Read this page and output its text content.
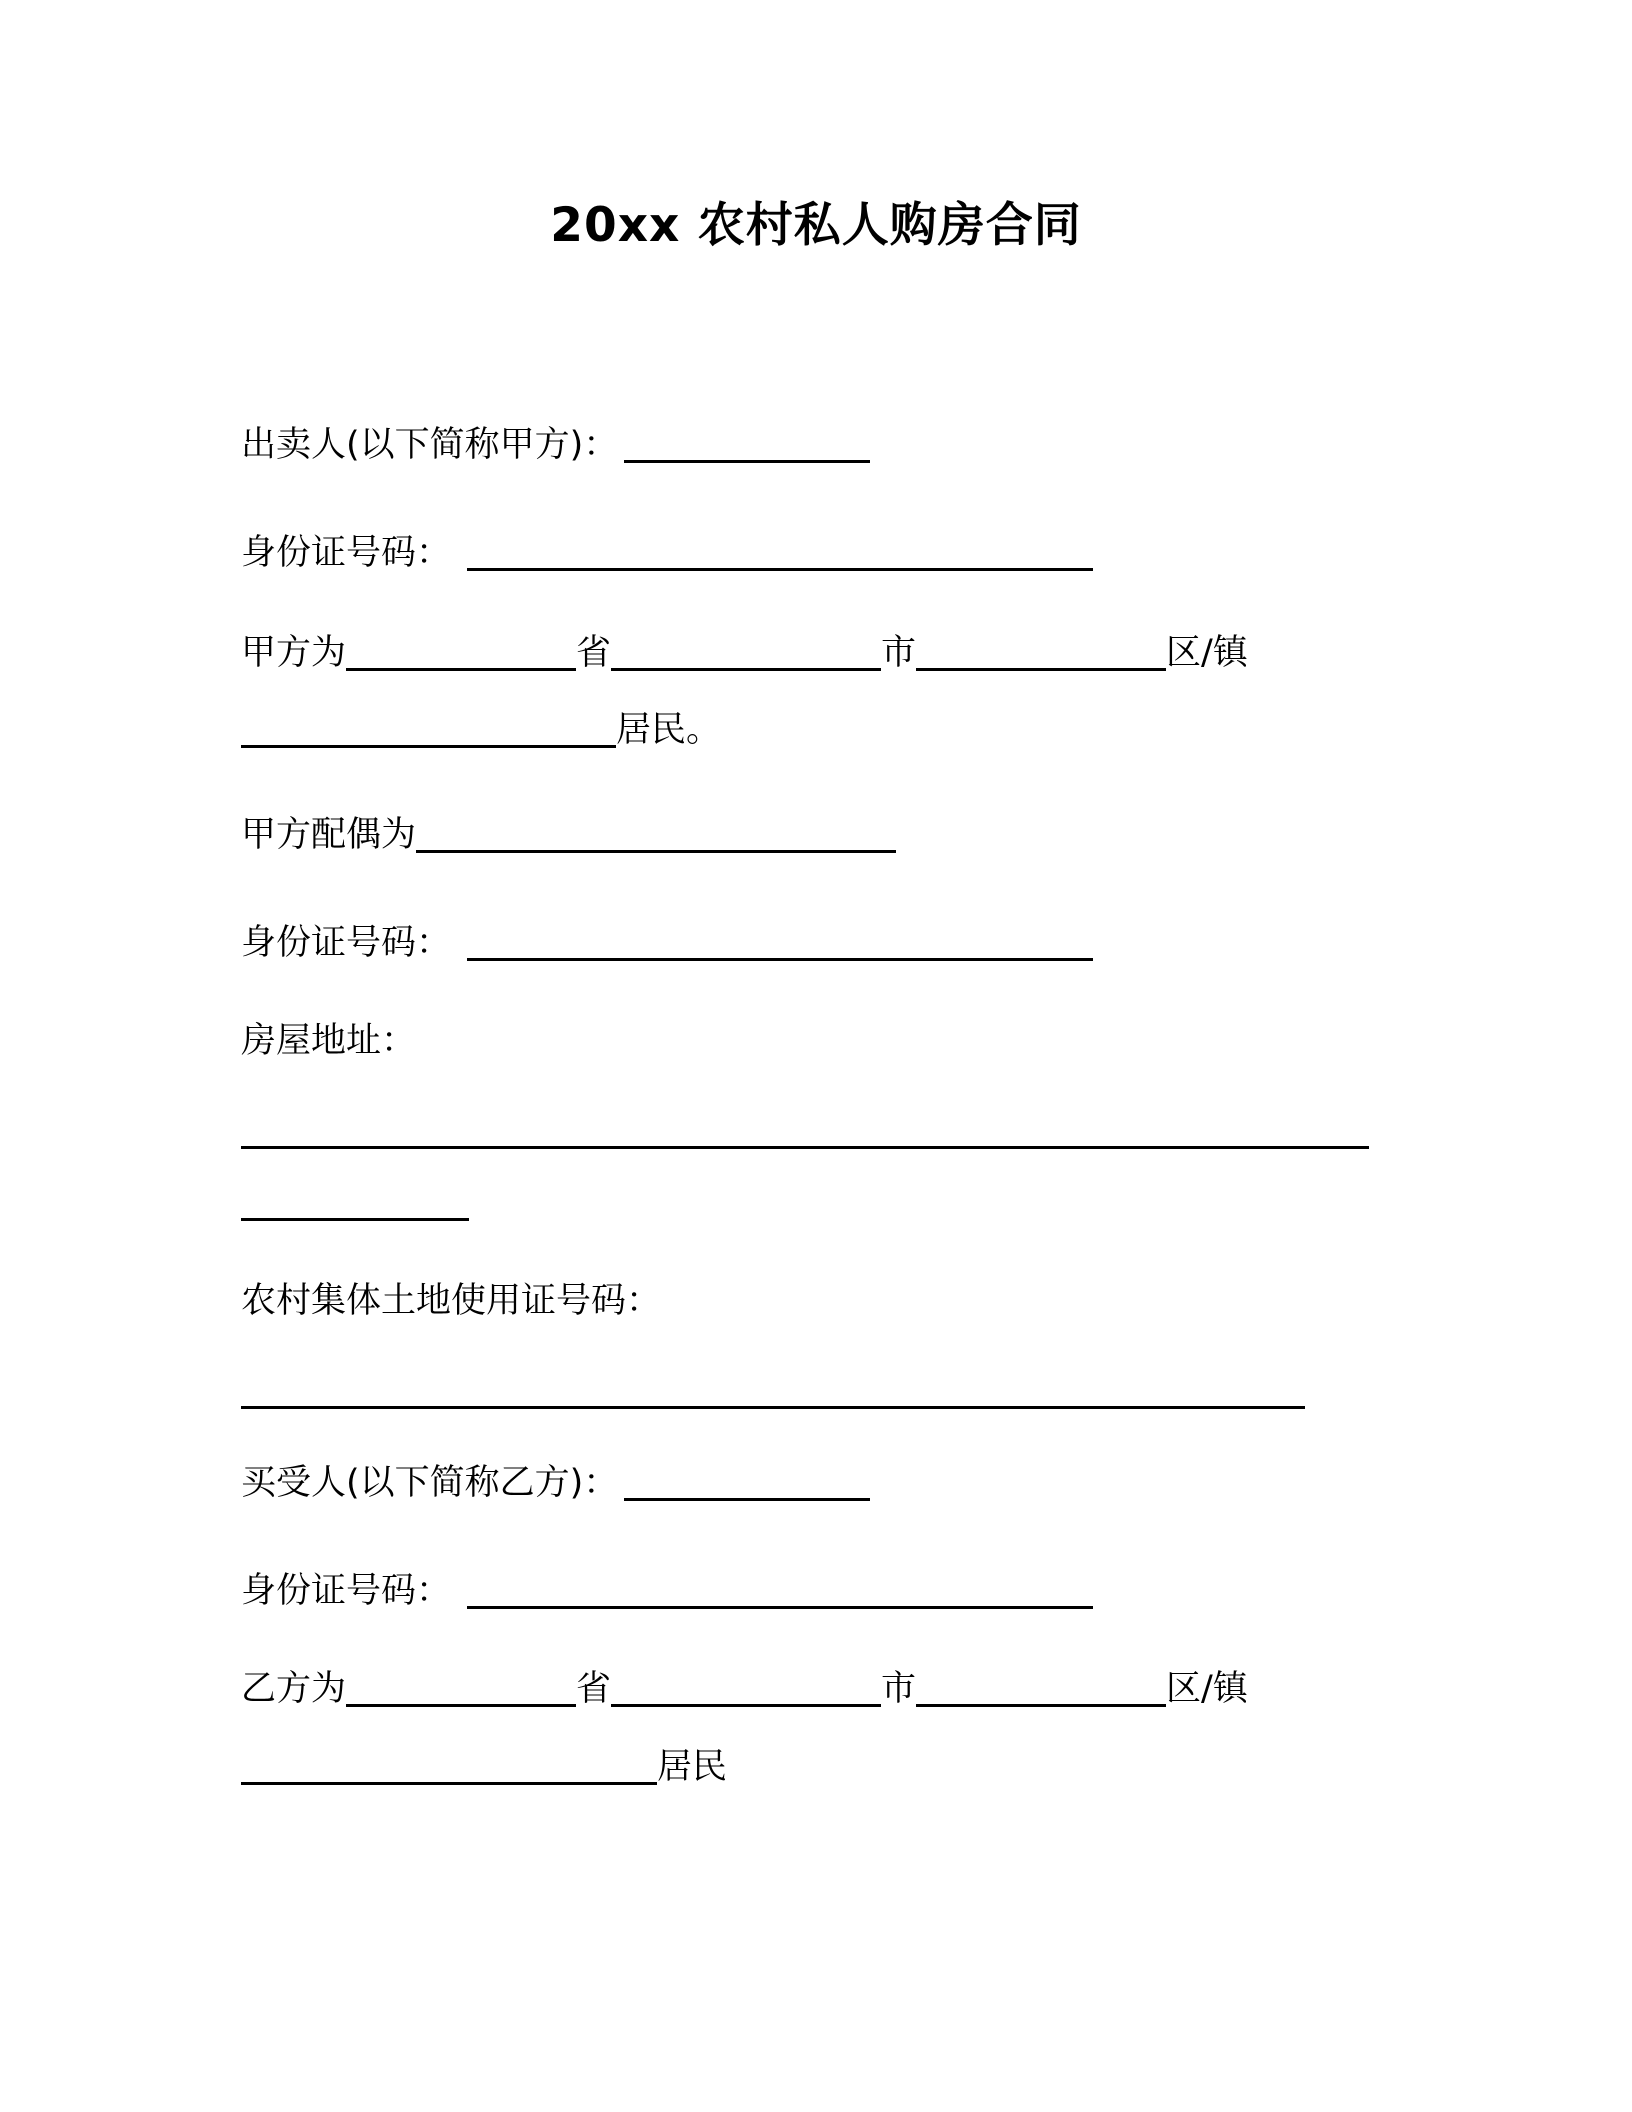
20xx 农村私人购房合同
出卖人(以下简称甲方)：
身份证号码：
甲方为	省	市	区/镇
居民。
甲方配偶为
身份证号码：
房屋地址：
农村集体土地使用证号码：
买受人(以下简称乙方)：
身份证号码：
乙方为	省	市	区/镇
居民
